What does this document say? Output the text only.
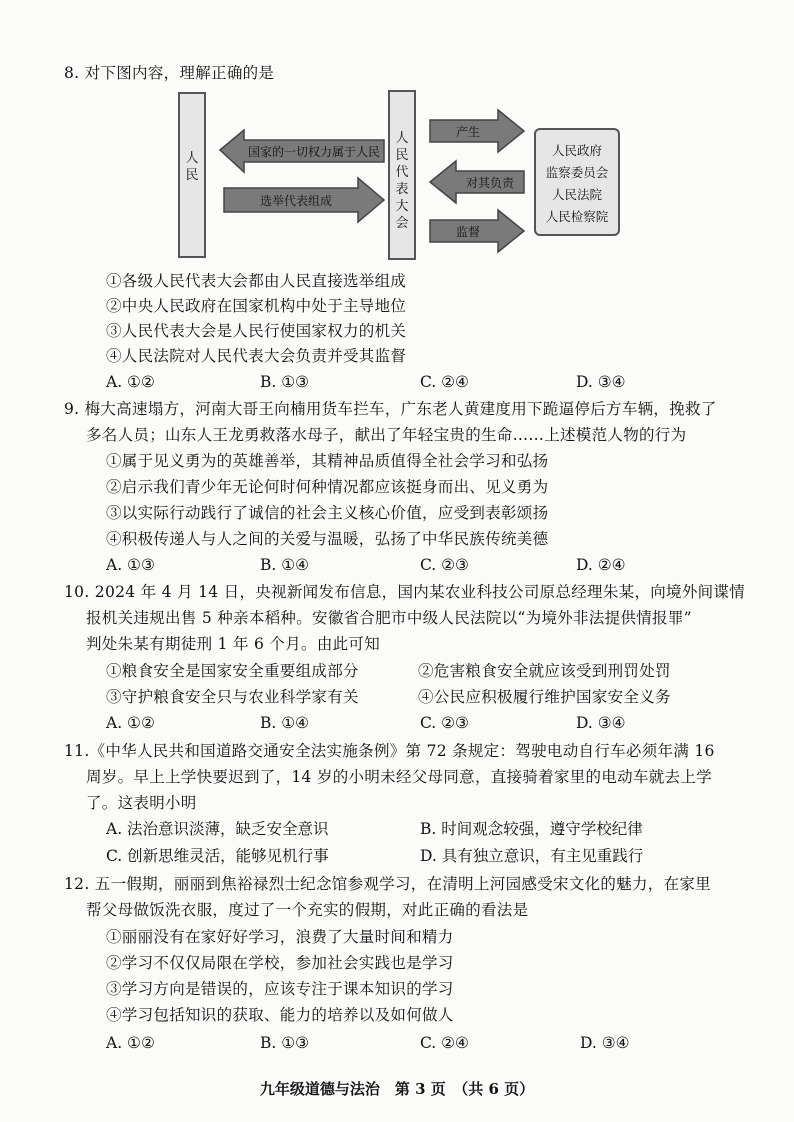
8. 对下图内容，理解正确的是
人民
人民代表大会
人民政府
监察委员会
人民法院
人民检察院
国家的一切权力属于人民
选举代表组成
产生
对其负责
监督
①各级人民代表大会都由人民直接选举组成
②中央人民政府在国家机构中处于主导地位
③人民代表大会是人民行使国家权力的机关
④人民法院对人民代表大会负责并受其监督
A. ①②	B. ①③	C. ②④	D. ③④
9. 梅大高速塌方，河南大哥王向楠用货车拦车，广东老人黄建度用下跪逼停后方车辆，挽救了
多名人员；山东人王龙勇救落水母子，献出了年轻宝贵的生命……上述模范人物的行为
①属于见义勇为的英雄善举，其精神品质值得全社会学习和弘扬
②启示我们青少年无论何时何种情况都应该挺身而出、见义勇为
③以实际行动践行了诚信的社会主义核心价值，应受到表彰颂扬
④积极传递人与人之间的关爱与温暖，弘扬了中华民族传统美德
A. ①③	B. ①④	C. ②③	D. ②④
10. 2024 年 4 月 14 日，央视新闻发布信息，国内某农业科技公司原总经理朱某，向境外间谍情
报机关违规出售 5 种亲本稻种。安徽省合肥市中级人民法院以“为境外非法提供情报罪”
判处朱某有期徒刑 1 年 6 个月。由此可知
①粮食安全是国家安全重要组成部分	②危害粮食安全就应该受到刑罚处罚
③守护粮食安全只与农业科学家有关	④公民应积极履行维护国家安全义务
A. ①②	B. ①④	C. ②③	D. ③④
11.《中华人民共和国道路交通安全法实施条例》第 72 条规定：驾驶电动自行车必须年满 16
周岁。早上上学快要迟到了，14 岁的小明未经父母同意，直接骑着家里的电动车就去上学
了。这表明小明
A. 法治意识淡薄，缺乏安全意识	B. 时间观念较强，遵守学校纪律
C. 创新思维灵活，能够见机行事	D. 具有独立意识，有主见重践行
12. 五一假期，丽丽到焦裕禄烈士纪念馆参观学习，在清明上河园感受宋文化的魅力，在家里
帮父母做饭洗衣服，度过了一个充实的假期，对此正确的看法是
①丽丽没有在家好好学习，浪费了大量时间和精力
②学习不仅仅局限在学校，参加社会实践也是学习
③学习方向是错误的，应该专注于课本知识的学习
④学习包括知识的获取、能力的培养以及如何做人
A. ①②	B. ①③	C. ②④	D. ③④
九年级道德与法治　第 3 页　（共 6 页）
